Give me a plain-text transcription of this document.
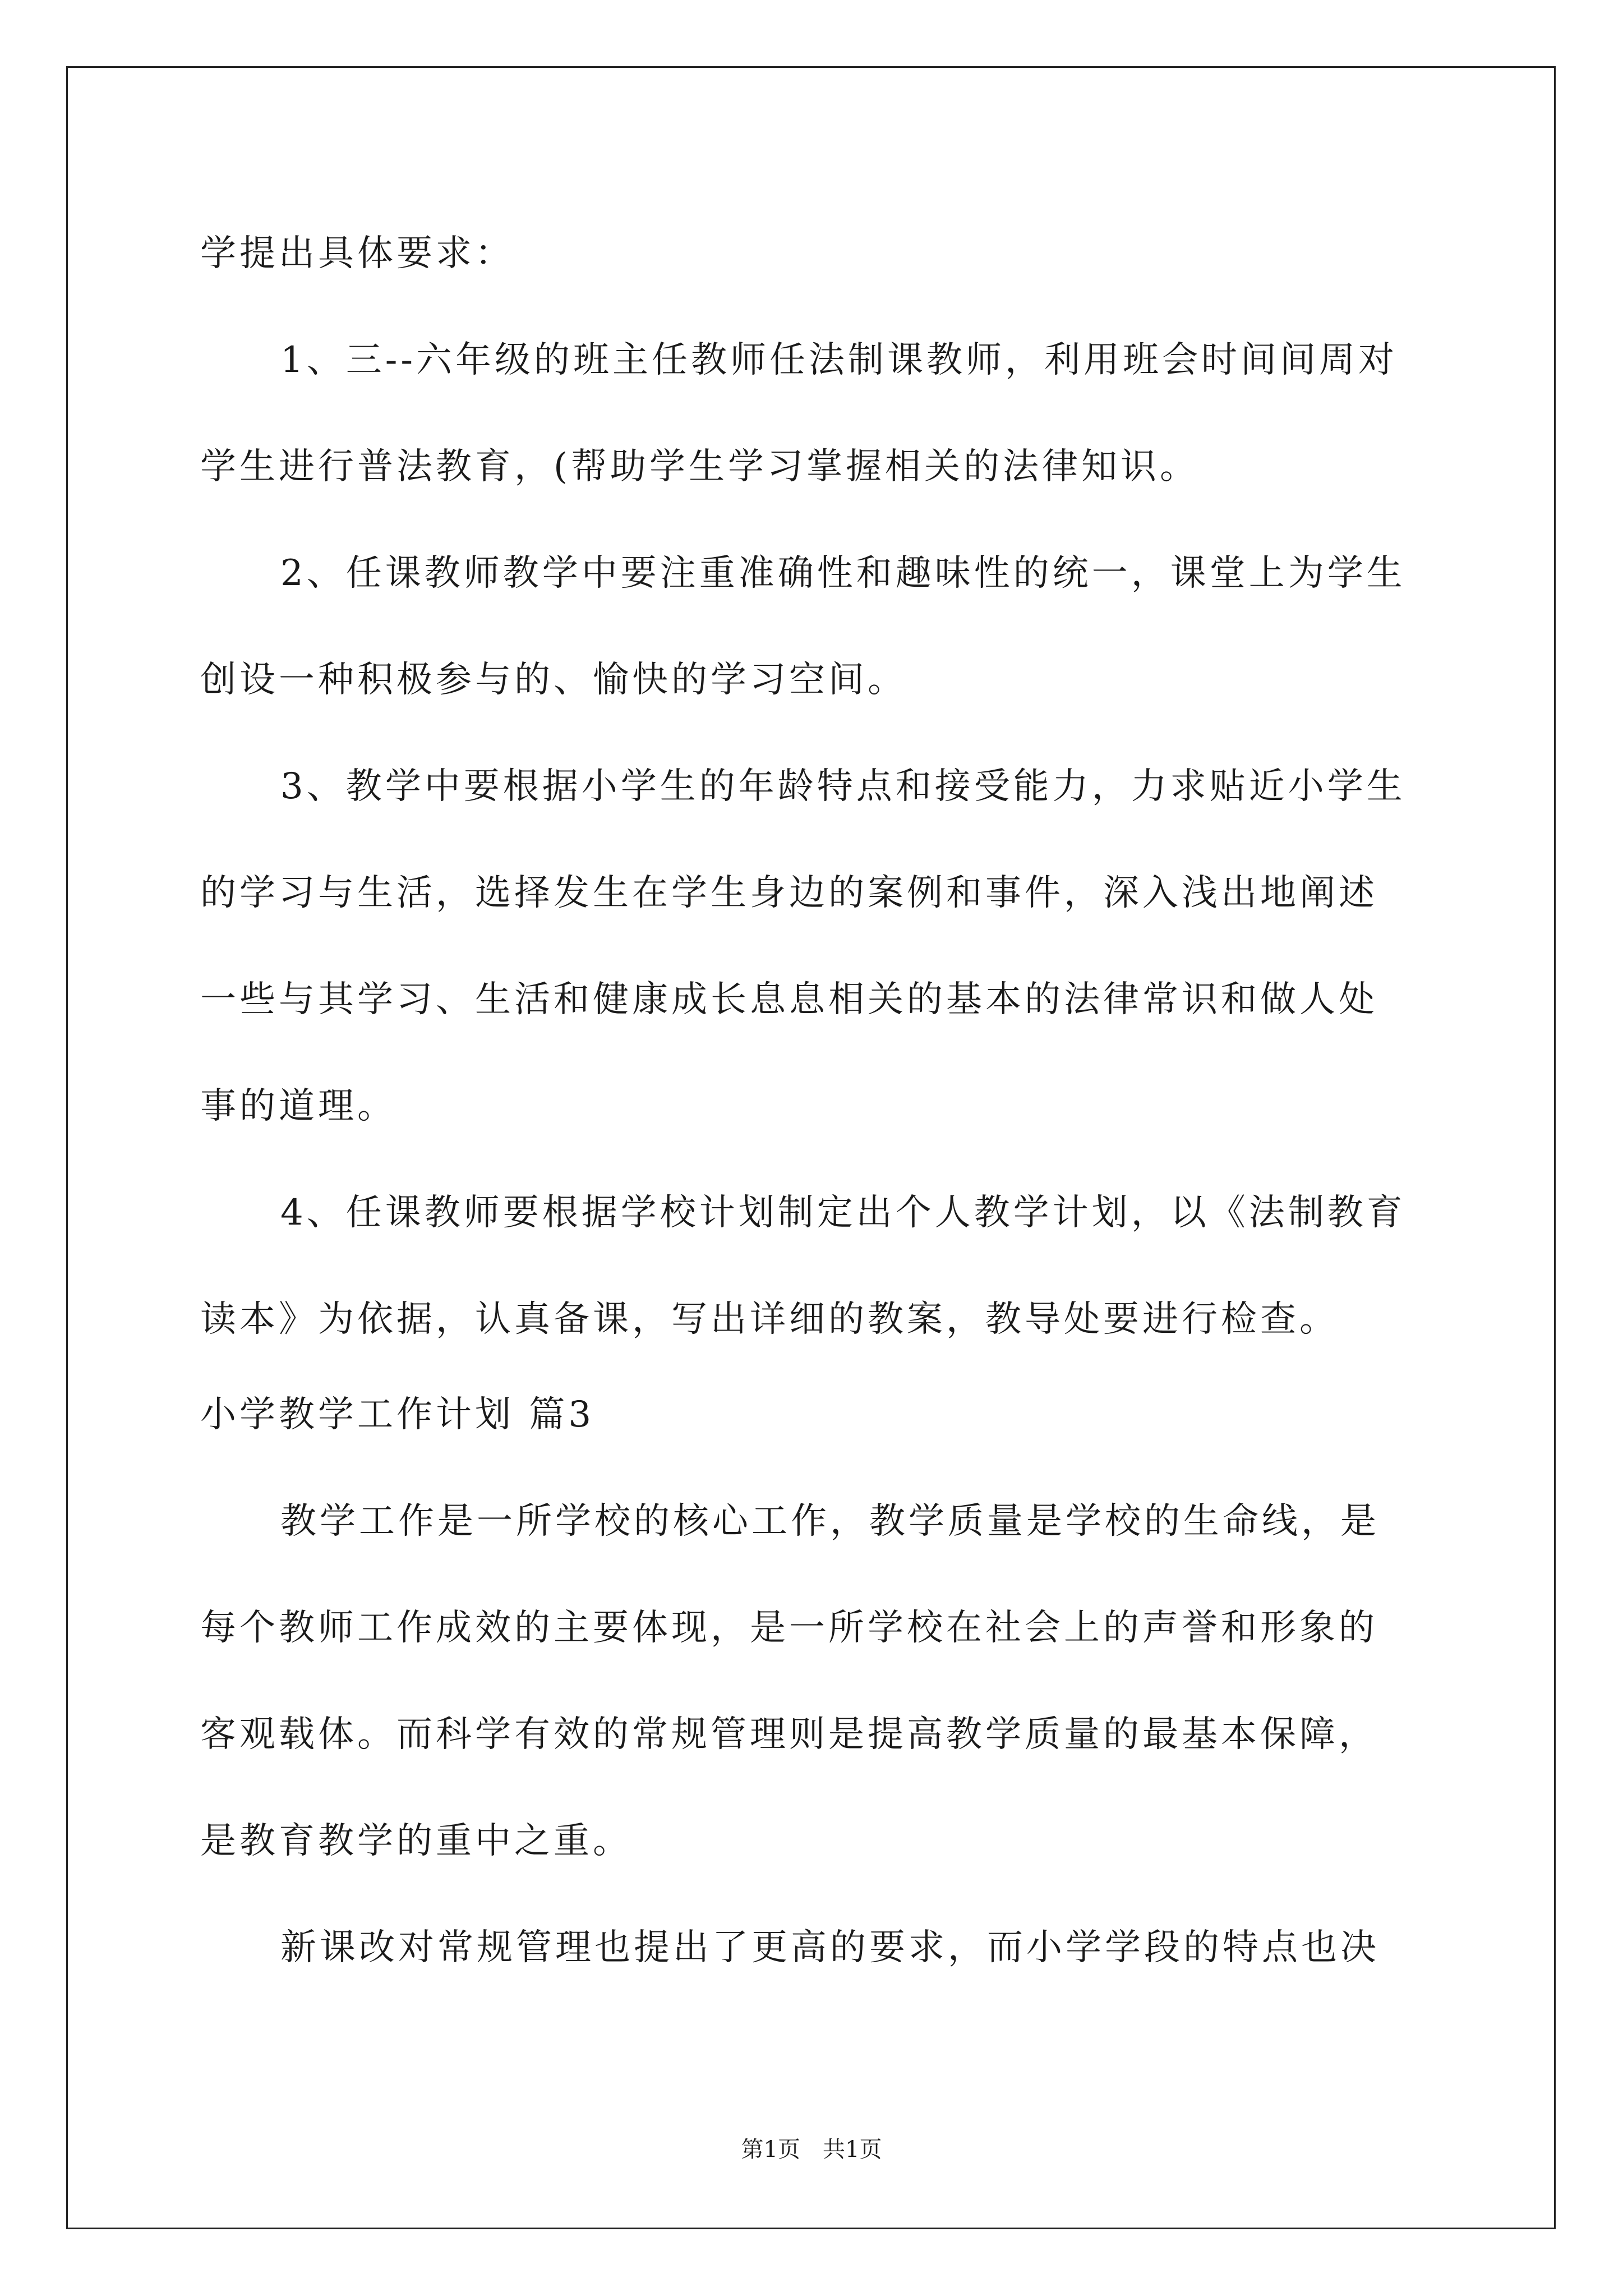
学提出具体要求：
1、三--六年级的班主任教师任法制课教师，利用班会时间间周对
学生进行普法教育，(帮助学生学习掌握相关的法律知识。
2、任课教师教学中要注重准确性和趣味性的统一，课堂上为学生
创设一种积极参与的、愉快的学习空间。
3、教学中要根据小学生的年龄特点和接受能力，力求贴近小学生
的学习与生活，选择发生在学生身边的案例和事件，深入浅出地阐述
一些与其学习、生活和健康成长息息相关的基本的法律常识和做人处
事的道理。
4、任课教师要根据学校计划制定出个人教学计划，以《法制教育
读本》为依据，认真备课，写出详细的教案，教导处要进行检查。
小学教学工作计划 篇3
教学工作是一所学校的核心工作，教学质量是学校的生命线，是
每个教师工作成效的主要体现，是一所学校在社会上的声誉和形象的
客观载体。而科学有效的常规管理则是提高教学质量的最基本保障，
是教育教学的重中之重。
新课改对常规管理也提出了更高的要求，而小学学段的特点也决
第1页　共1页
